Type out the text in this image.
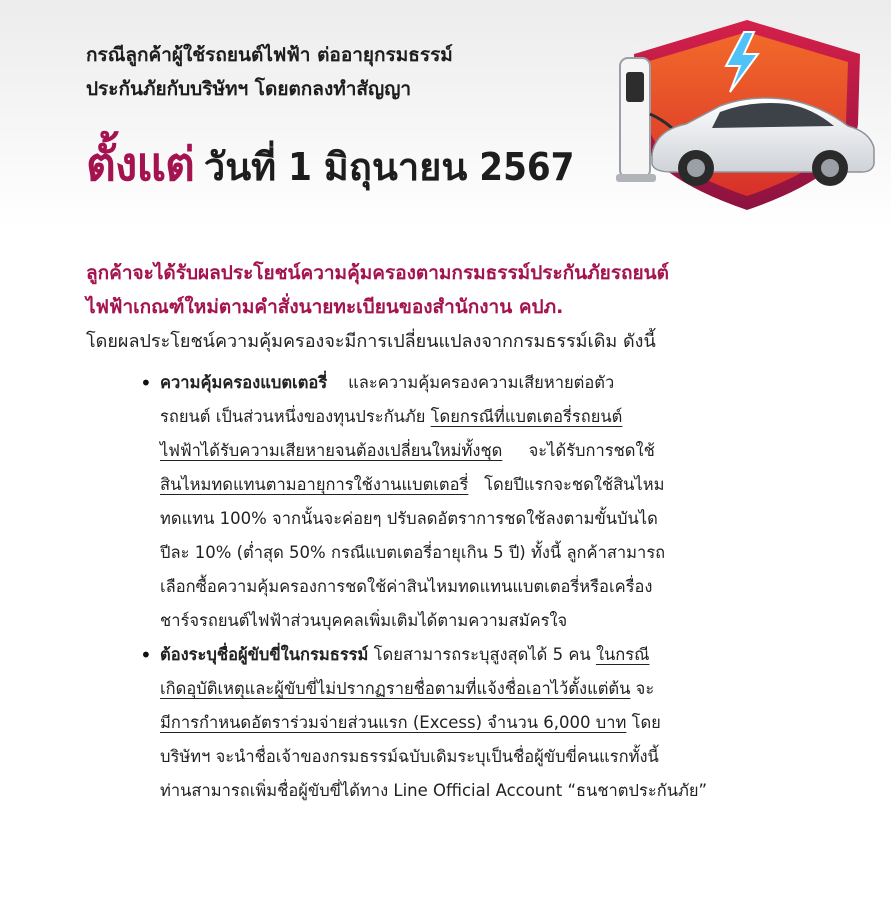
กรณีลูกค้าผู้ใช้รถยนต์ไฟฟ้า ต่ออายุกรมธรรม์
ประกันภัยกับบริษัทฯ โดยตกลงทำสัญญา
ตั้งแต่ วันที่ 1 มิถุนายน 2567
ลูกค้าจะได้รับผลประโยชน์ความคุ้มครองตามกรมธรรม์ประกันภัยรถยนต์
ไฟฟ้าเกณฑ์ใหม่ตามคำสั่งนายทะเบียนของสำนักงาน คปภ.
โดยผลประโยชน์ความคุ้มครองจะมีการเปลี่ยนแปลงจากกรมธรรม์เดิม ดังนี้
• ความคุ้มครองแบตเตอรี่ และความคุ้มครองความเสียหายต่อตัว
รถยนต์ เป็นส่วนหนึ่งของทุนประกันภัย โดยกรณีที่แบตเตอรี่รถยนต์
ไฟฟ้าได้รับความเสียหายจนต้องเปลี่ยนใหม่ทั้งชุด จะได้รับการชดใช้
สินไหมทดแทนตามอายุการใช้งานแบตเตอรี่ โดยปีแรกจะชดใช้สินไหม
ทดแทน 100% จากนั้นจะค่อยๆ ปรับลดอัตราการชดใช้ลงตามขั้นบันได
ปีละ 10% (ต่ำสุด 50% กรณีแบตเตอรี่อายุเกิน 5 ปี) ทั้งนี้ ลูกค้าสามารถ
เลือกซื้อความคุ้มครองการชดใช้ค่าสินไหมทดแทนแบตเตอรี่หรือเครื่อง
ชาร์จรถยนต์ไฟฟ้าส่วนบุคคลเพิ่มเติมได้ตามความสมัครใจ
• ต้องระบุชื่อผู้ขับขี่ในกรมธรรม์ โดยสามารถระบุสูงสุดได้ 5 คน ในกรณี
เกิดอุบัติเหตุและผู้ขับขี่ไม่ปรากฏรายชื่อตามที่แจ้งชื่อเอาไว้ตั้งแต่ต้น จะ
มีการกำหนดอัตราร่วมจ่ายส่วนแรก (Excess) จำนวน 6,000 บาท โดย
บริษัทฯ จะนำชื่อเจ้าของกรมธรรม์ฉบับเดิมระบุเป็นชื่อผู้ขับขี่คนแรกทั้งนี้
ท่านสามารถเพิ่มชื่อผู้ขับขี่ได้ทาง Line Official Account “ธนชาตประกันภัย”
